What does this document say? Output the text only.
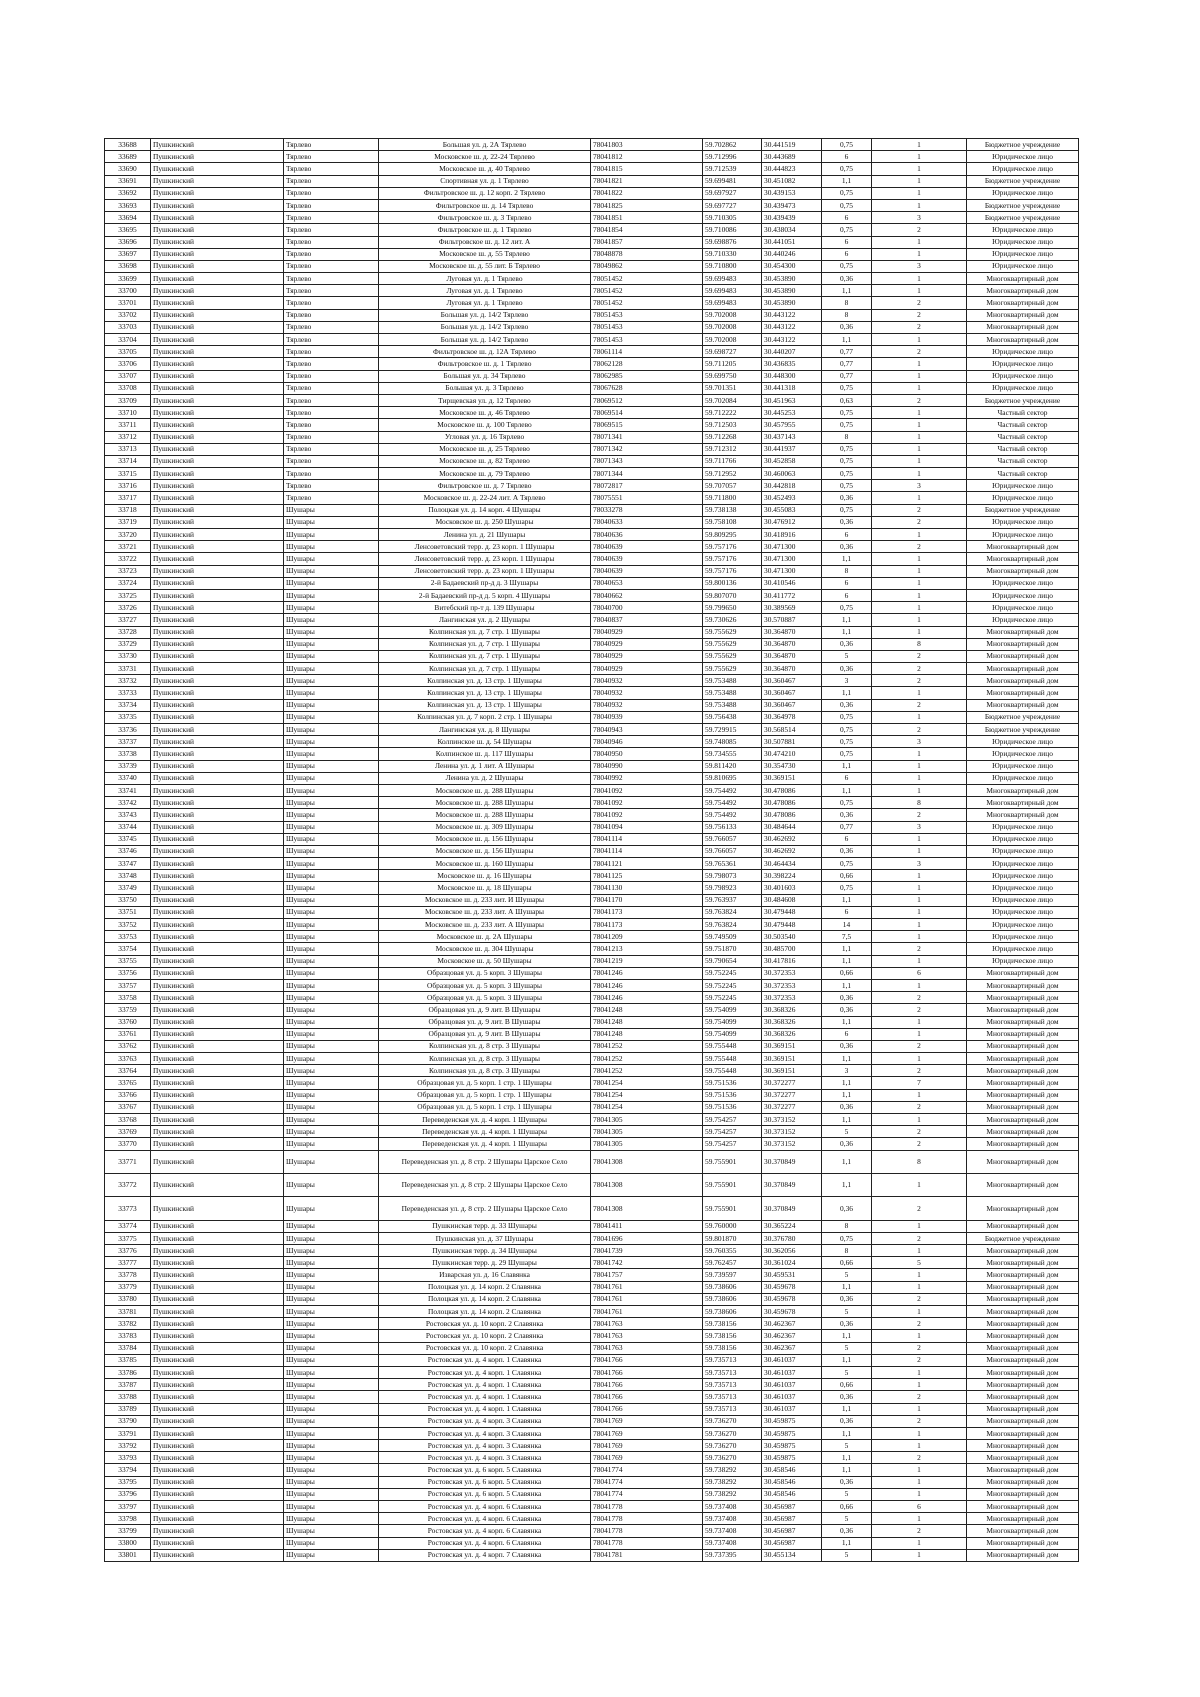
33688	Пушкинский	Тярлево	Большая ул. д. 2А Тярлево	78041803	59.702862	30.441519	0,75	1	Бюджетное учреждение
33689	Пушкинский	Тярлево	Московское ш. д. 22-24 Тярлево	78041812	59.712996	30.443689	6	1	Юридическое лицо
33690	Пушкинский	Тярлево	Московское ш. д. 40 Тярлево	78041815	59.712539	30.444823	0,75	1	Юридическое лицо
33691	Пушкинский	Тярлево	Спортивная ул. д. 1 Тярлево	78041821	59.699481	30.451082	1,1	1	Бюджетное учреждение
33692	Пушкинский	Тярлево	Фильтровское ш. д. 12 корп. 2 Тярлево	78041822	59.697927	30.439153	0,75	1	Юридическое лицо
33693	Пушкинский	Тярлево	Фильтровское ш. д. 14 Тярлево	78041825	59.697727	30.439473	0,75	1	Бюджетное учреждение
33694	Пушкинский	Тярлево	Фильтровское ш. д. 3 Тярлево	78041851	59.710305	30.439439	6	3	Бюджетное учреждение
33695	Пушкинский	Тярлево	Фильтровское ш. д. 1 Тярлево	78041854	59.710086	30.438034	0,75	2	Юридическое лицо
33696	Пушкинский	Тярлево	Фильтровское ш. д. 12 лит. А	78041857	59.698876	30.441051	6	1	Юридическое лицо
33697	Пушкинский	Тярлево	Московское ш. д. 55 Тярлево	78048878	59.710330	30.440246	6	1	Юридическое лицо
33698	Пушкинский	Тярлево	Московское ш. д. 55 лит. Б Тярлево	78049862	59.710800	30.454300	0,75	3	Юридическое лицо
33699	Пушкинский	Тярлево	Луговая ул. д. 1 Тярлево	78051452	59.699483	30.453890	0,36	1	Многоквартирный дом
33700	Пушкинский	Тярлево	Луговая ул. д. 1 Тярлево	78051452	59.699483	30.453890	1,1	1	Многоквартирный дом
33701	Пушкинский	Тярлево	Луговая ул. д. 1 Тярлево	78051452	59.699483	30.453890	8	2	Многоквартирный дом
33702	Пушкинский	Тярлево	Большая ул. д. 14/2 Тярлево	78051453	59.702008	30.443122	8	2	Многоквартирный дом
33703	Пушкинский	Тярлево	Большая ул. д. 14/2 Тярлево	78051453	59.702008	30.443122	0,36	2	Многоквартирный дом
33704	Пушкинский	Тярлево	Большая ул. д. 14/2 Тярлево	78051453	59.702008	30.443122	1,1	1	Многоквартирный дом
33705	Пушкинский	Тярлево	Фильтровское ш. д. 12А Тярлево	78061114	59.698727	30.440207	0,77	2	Юридическое лицо
33706	Пушкинский	Тярлево	Фильтровское ш. д. 1 Тярлево	78062128	59.711205	30.436835	0,77	1	Юридическое лицо
33707	Пушкинский	Тярлево	Большая ул. д. 34 Тярлево	78062985	59.699750	30.448300	0,77	1	Юридическое лицо
33708	Пушкинский	Тярлево	Большая ул. д. 3 Тярлево	78067628	59.701351	30.441318	0,75	1	Юридическое лицо
33709	Пушкинский	Тярлево	Тирщевская ул. д. 12 Тярлево	78069512	59.702084	30.451963	0,63	2	Бюджетное учреждение
33710	Пушкинский	Тярлево	Московское ш. д. 46 Тярлево	78069514	59.712222	30.445253	0,75	1	Частный сектор
33711	Пушкинский	Тярлево	Московское ш. д. 100 Тярлево	78069515	59.712503	30.457955	0,75	1	Частный сектор
33712	Пушкинский	Тярлево	Угловая ул. д. 16 Тярлево	78071341	59.712268	30.437143	8	1	Частный сектор
33713	Пушкинский	Тярлево	Московское ш. д. 25 Тярлево	78071342	59.712312	30.441937	0,75	1	Частный сектор
33714	Пушкинский	Тярлево	Московское ш. д. 82 Тярлево	78071343	59.711766	30.452858	0,75	1	Частный сектор
33715	Пушкинский	Тярлево	Московское ш. д. 79 Тярлево	78071344	59.712952	30.460063	0,75	1	Частный сектор
33716	Пушкинский	Тярлево	Фильтровское ш. д. 7 Тярлево	78072817	59.707057	30.442818	0,75	3	Юридическое лицо
33717	Пушкинский	Тярлево	Московское ш. д. 22-24 лит. А Тярлево	78075551	59.711800	30.452493	0,36	1	Юридическое лицо
33718	Пушкинский	Шушары	Полоцкая ул. д. 14 корп. 4 Шушары	78033278	59.738138	30.455083	0,75	2	Бюджетное учреждение
33719	Пушкинский	Шушары	Московское ш. д. 250 Шушары	78040633	59.758108	30.476912	0,36	2	Юридическое лицо
33720	Пушкинский	Шушары	Ленина ул. д. 21 Шушары	78040636	59.809295	30.418916	6	1	Юридическое лицо
33721	Пушкинский	Шушары	Ленсоветовский терр. д. 23 корп. 1 Шушары	78040639	59.757176	30.471300	0,36	2	Многоквартирный дом
33722	Пушкинский	Шушары	Ленсоветовский терр. д. 23 корп. 1 Шушары	78040639	59.757176	30.471300	1,1	1	Многоквартирный дом
33723	Пушкинский	Шушары	Ленсоветовский терр. д. 23 корп. 1 Шушары	78040639	59.757176	30.471300	8	1	Многоквартирный дом
33724	Пушкинский	Шушары	2-й Бадаевский пр-д д. 3 Шушары	78040653	59.800136	30.410546	6	1	Юридическое лицо
33725	Пушкинский	Шушары	2-й Бадаевский пр-д д. 5 корп. 4 Шушары	78040662	59.807070	30.411772	6	1	Юридическое лицо
33726	Пушкинский	Шушары	Витебский пр-т д. 139 Шушары	78040700	59.799650	30.389569	0,75	1	Юридическое лицо
33727	Пушкинский	Шушары	Лангинская ул. д. 2 Шушары	78040837	59.730626	30.570887	1,1	1	Юридическое лицо
33728	Пушкинский	Шушары	Колпинская ул. д. 7 стр. 1 Шушары	78040929	59.755629	30.364870	1,1	1	Многоквартирный дом
33729	Пушкинский	Шушары	Колпинская ул. д. 7 стр. 1 Шушары	78040929	59.755629	30.364870	0,36	8	Многоквартирный дом
33730	Пушкинский	Шушары	Колпинская ул. д. 7 стр. 1 Шушары	78040929	59.755629	30.364870	5	2	Многоквартирный дом
33731	Пушкинский	Шушары	Колпинская ул. д. 7 стр. 1 Шушары	78040929	59.755629	30.364870	0,36	2	Многоквартирный дом
33732	Пушкинский	Шушары	Колпинская ул. д. 13 стр. 1 Шушары	78040932	59.753488	30.360467	3	2	Многоквартирный дом
33733	Пушкинский	Шушары	Колпинская ул. д. 13 стр. 1 Шушары	78040932	59.753488	30.360467	1,1	1	Многоквартирный дом
33734	Пушкинский	Шушары	Колпинская ул. д. 13 стр. 1 Шушары	78040932	59.753488	30.360467	0,36	2	Многоквартирный дом
33735	Пушкинский	Шушары	Колпинская ул. д. 7 корп. 2 стр. 1 Шушары	78040939	59.756438	30.364978	0,75	1	Бюджетное учреждение
33736	Пушкинский	Шушары	Лангинская ул. д. 8 Шушары	78040943	59.729915	30.568514	0,75	2	Бюджетное учреждение
33737	Пушкинский	Шушары	Колпинское ш. д. 54 Шушары	78040946	59.748085	30.507881	0,75	3	Юридическое лицо
33738	Пушкинский	Шушары	Колпинское ш. д. 117 Шушары	78040950	59.734555	30.474210	0,75	1	Юридическое лицо
33739	Пушкинский	Шушары	Ленина ул. д. 1 лит. А Шушары	78040990	59.811420	30.354730	1,1	1	Юридическое лицо
33740	Пушкинский	Шушары	Ленина ул. д. 2 Шушары	78040992	59.810695	30.369151	6	1	Юридическое лицо
33741	Пушкинский	Шушары	Московское ш. д. 288 Шушары	78041092	59.754492	30.478086	1,1	1	Многоквартирный дом
33742	Пушкинский	Шушары	Московское ш. д. 288 Шушары	78041092	59.754492	30.478086	0,75	8	Многоквартирный дом
33743	Пушкинский	Шушары	Московское ш. д. 288 Шушары	78041092	59.754492	30.478086	0,36	2	Многоквартирный дом
33744	Пушкинский	Шушары	Московское ш. д. 309 Шушары	78041094	59.756133	30.484644	0,77	3	Юридическое лицо
33745	Пушкинский	Шушары	Московское ш. д. 156 Шушары	78041114	59.766057	30.462692	6	1	Юридическое лицо
33746	Пушкинский	Шушары	Московское ш. д. 156 Шушары	78041114	59.766057	30.462692	0,36	1	Юридическое лицо
33747	Пушкинский	Шушары	Московское ш. д. 160 Шушары	78041121	59.765361	30.464434	0,75	3	Юридическое лицо
33748	Пушкинский	Шушары	Московское ш. д. 16 Шушары	78041125	59.798073	30.398224	0,66	1	Юридическое лицо
33749	Пушкинский	Шушары	Московское ш. д. 18 Шушары	78041130	59.798923	30.401603	0,75	1	Юридическое лицо
33750	Пушкинский	Шушары	Московское ш. д. 233 лит. И Шушары	78041170	59.763937	30.484608	1,1	1	Юридическое лицо
33751	Пушкинский	Шушары	Московское ш. д. 233 лит. А Шушары	78041173	59.763824	30.479448	6	1	Юридическое лицо
33752	Пушкинский	Шушары	Московское ш. д. 233 лит. А Шушары	78041173	59.763824	30.479448	14	1	Юридическое лицо
33753	Пушкинский	Шушары	Московское ш. д. 2А Шушары	78041209	59.749509	30.503540	7,5	1	Юридическое лицо
33754	Пушкинский	Шушары	Московское ш. д. 304 Шушары	78041213	59.751870	30.485700	1,1	2	Юридическое лицо
33755	Пушкинский	Шушары	Московское ш. д. 50 Шушары	78041219	59.790654	30.417816	1,1	1	Юридическое лицо
33756	Пушкинский	Шушары	Образцовая ул. д. 5 корп. 3 Шушары	78041246	59.752245	30.372353	0,66	6	Многоквартирный дом
33757	Пушкинский	Шушары	Образцовая ул. д. 5 корп. 3 Шушары	78041246	59.752245	30.372353	1,1	1	Многоквартирный дом
33758	Пушкинский	Шушары	Образцовая ул. д. 5 корп. 3 Шушары	78041246	59.752245	30.372353	0,36	2	Многоквартирный дом
33759	Пушкинский	Шушары	Образцовая ул. д. 9 лит. В Шушары	78041248	59.754099	30.368326	0,36	2	Многоквартирный дом
33760	Пушкинский	Шушары	Образцовая ул. д. 9 лит. В Шушары	78041248	59.754099	30.368326	1,1	1	Многоквартирный дом
33761	Пушкинский	Шушары	Образцовая ул. д. 9 лит. В Шушары	78041248	59.754099	30.368326	6	1	Многоквартирный дом
33762	Пушкинский	Шушары	Колпинская ул. д. 8 стр. 3 Шушары	78041252	59.755448	30.369151	0,36	2	Многоквартирный дом
33763	Пушкинский	Шушары	Колпинская ул. д. 8 стр. 3 Шушары	78041252	59.755448	30.369151	1,1	1	Многоквартирный дом
33764	Пушкинский	Шушары	Колпинская ул. д. 8 стр. 3 Шушары	78041252	59.755448	30.369151	3	2	Многоквартирный дом
33765	Пушкинский	Шушары	Образцовая ул. д. 5 корп. 1 стр. 1 Шушары	78041254	59.751536	30.372277	1,1	7	Многоквартирный дом
33766	Пушкинский	Шушары	Образцовая ул. д. 5 корп. 1 стр. 1 Шушары	78041254	59.751536	30.372277	1,1	1	Многоквартирный дом
33767	Пушкинский	Шушары	Образцовая ул. д. 5 корп. 1 стр. 1 Шушары	78041254	59.751536	30.372277	0,36	2	Многоквартирный дом
33768	Пушкинский	Шушары	Переведенская ул. д. 4 корп. 1 Шушары	78041305	59.754257	30.373152	1,1	1	Многоквартирный дом
33769	Пушкинский	Шушары	Переведенская ул. д. 4 корп. 1 Шушары	78041305	59.754257	30.373152	5	2	Многоквартирный дом
33770	Пушкинский	Шушары	Переведенская ул. д. 4 корп. 1 Шушары	78041305	59.754257	30.373152	0,36	2	Многоквартирный дом
33771	Пушкинский	Шушары	Переведенская ул. д. 8 стр. 2 Шушары Царское Село	78041308	59.755901	30.370849	1,1	8	Многоквартирный дом
33772	Пушкинский	Шушары	Переведенская ул. д. 8 стр. 2 Шушары Царское Село	78041308	59.755901	30.370849	1,1	1	Многоквартирный дом
33773	Пушкинский	Шушары	Переведенская ул. д. 8 стр. 2 Шушары Царское Село	78041308	59.755901	30.370849	0,36	2	Многоквартирный дом
33774	Пушкинский	Шушары	Пушкинская терр. д. 33 Шушары	78041411	59.760000	30.365224	8	1	Многоквартирный дом
33775	Пушкинский	Шушары	Пушкинская ул. д. 37 Шушары	78041696	59.801870	30.376780	0,75	2	Бюджетное учреждение
33776	Пушкинский	Шушары	Пушкинская терр. д. 34 Шушары	78041739	59.760355	30.362056	8	1	Многоквартирный дом
33777	Пушкинский	Шушары	Пушкинская терр. д. 29 Шушары	78041742	59.762457	30.361024	0,66	5	Многоквартирный дом
33778	Пушкинский	Шушары	Изварская ул. д. 16 Славянка	78041757	59.739597	30.459531	5	1	Многоквартирный дом
33779	Пушкинский	Шушары	Полоцкая ул. д. 14 корп. 2 Славянка	78041761	59.738606	30.459678	1,1	1	Многоквартирный дом
33780	Пушкинский	Шушары	Полоцкая ул. д. 14 корп. 2 Славянка	78041761	59.738606	30.459678	0,36	2	Многоквартирный дом
33781	Пушкинский	Шушары	Полоцкая ул. д. 14 корп. 2 Славянка	78041761	59.738606	30.459678	5	1	Многоквартирный дом
33782	Пушкинский	Шушары	Ростовская ул. д. 10 корп. 2 Славянка	78041763	59.738156	30.462367	0,36	2	Многоквартирный дом
33783	Пушкинский	Шушары	Ростовская ул. д. 10 корп. 2 Славянка	78041763	59.738156	30.462367	1,1	1	Многоквартирный дом
33784	Пушкинский	Шушары	Ростовская ул. д. 10 корп. 2 Славянка	78041763	59.738156	30.462367	5	2	Многоквартирный дом
33785	Пушкинский	Шушары	Ростовская ул. д. 4 корп. 1 Славянка	78041766	59.735713	30.461037	1,1	2	Многоквартирный дом
33786	Пушкинский	Шушары	Ростовская ул. д. 4 корп. 1 Славянка	78041766	59.735713	30.461037	5	1	Многоквартирный дом
33787	Пушкинский	Шушары	Ростовская ул. д. 4 корп. 1 Славянка	78041766	59.735713	30.461037	0,66	1	Многоквартирный дом
33788	Пушкинский	Шушары	Ростовская ул. д. 4 корп. 1 Славянка	78041766	59.735713	30.461037	0,36	2	Многоквартирный дом
33789	Пушкинский	Шушары	Ростовская ул. д. 4 корп. 1 Славянка	78041766	59.735713	30.461037	1,1	1	Многоквартирный дом
33790	Пушкинский	Шушары	Ростовская ул. д. 4 корп. 3 Славянка	78041769	59.736270	30.459875	0,36	2	Многоквартирный дом
33791	Пушкинский	Шушары	Ростовская ул. д. 4 корп. 3 Славянка	78041769	59.736270	30.459875	1,1	1	Многоквартирный дом
33792	Пушкинский	Шушары	Ростовская ул. д. 4 корп. 3 Славянка	78041769	59.736270	30.459875	5	1	Многоквартирный дом
33793	Пушкинский	Шушары	Ростовская ул. д. 4 корп. 3 Славянка	78041769	59.736270	30.459875	1,1	2	Многоквартирный дом
33794	Пушкинский	Шушары	Ростовская ул. д. 6 корп. 5 Славянка	78041774	59.738292	30.458546	1,1	1	Многоквартирный дом
33795	Пушкинский	Шушары	Ростовская ул. д. 6 корп. 5 Славянка	78041774	59.738292	30.458546	0,36	1	Многоквартирный дом
33796	Пушкинский	Шушары	Ростовская ул. д. 6 корп. 5 Славянка	78041774	59.738292	30.458546	5	1	Многоквартирный дом
33797	Пушкинский	Шушары	Ростовская ул. д. 4 корп. 6 Славянка	78041778	59.737408	30.456987	0,66	6	Многоквартирный дом
33798	Пушкинский	Шушары	Ростовская ул. д. 4 корп. 6 Славянка	78041778	59.737408	30.456987	5	1	Многоквартирный дом
33799	Пушкинский	Шушары	Ростовская ул. д. 4 корп. 6 Славянка	78041778	59.737408	30.456987	0,36	2	Многоквартирный дом
33800	Пушкинский	Шушары	Ростовская ул. д. 4 корп. 6 Славянка	78041778	59.737408	30.456987	1,1	1	Многоквартирный дом
33801	Пушкинский	Шушары	Ростовская ул. д. 4 корп. 7 Славянка	78041781	59.737395	30.455134	5	1	Многоквартирный дом
